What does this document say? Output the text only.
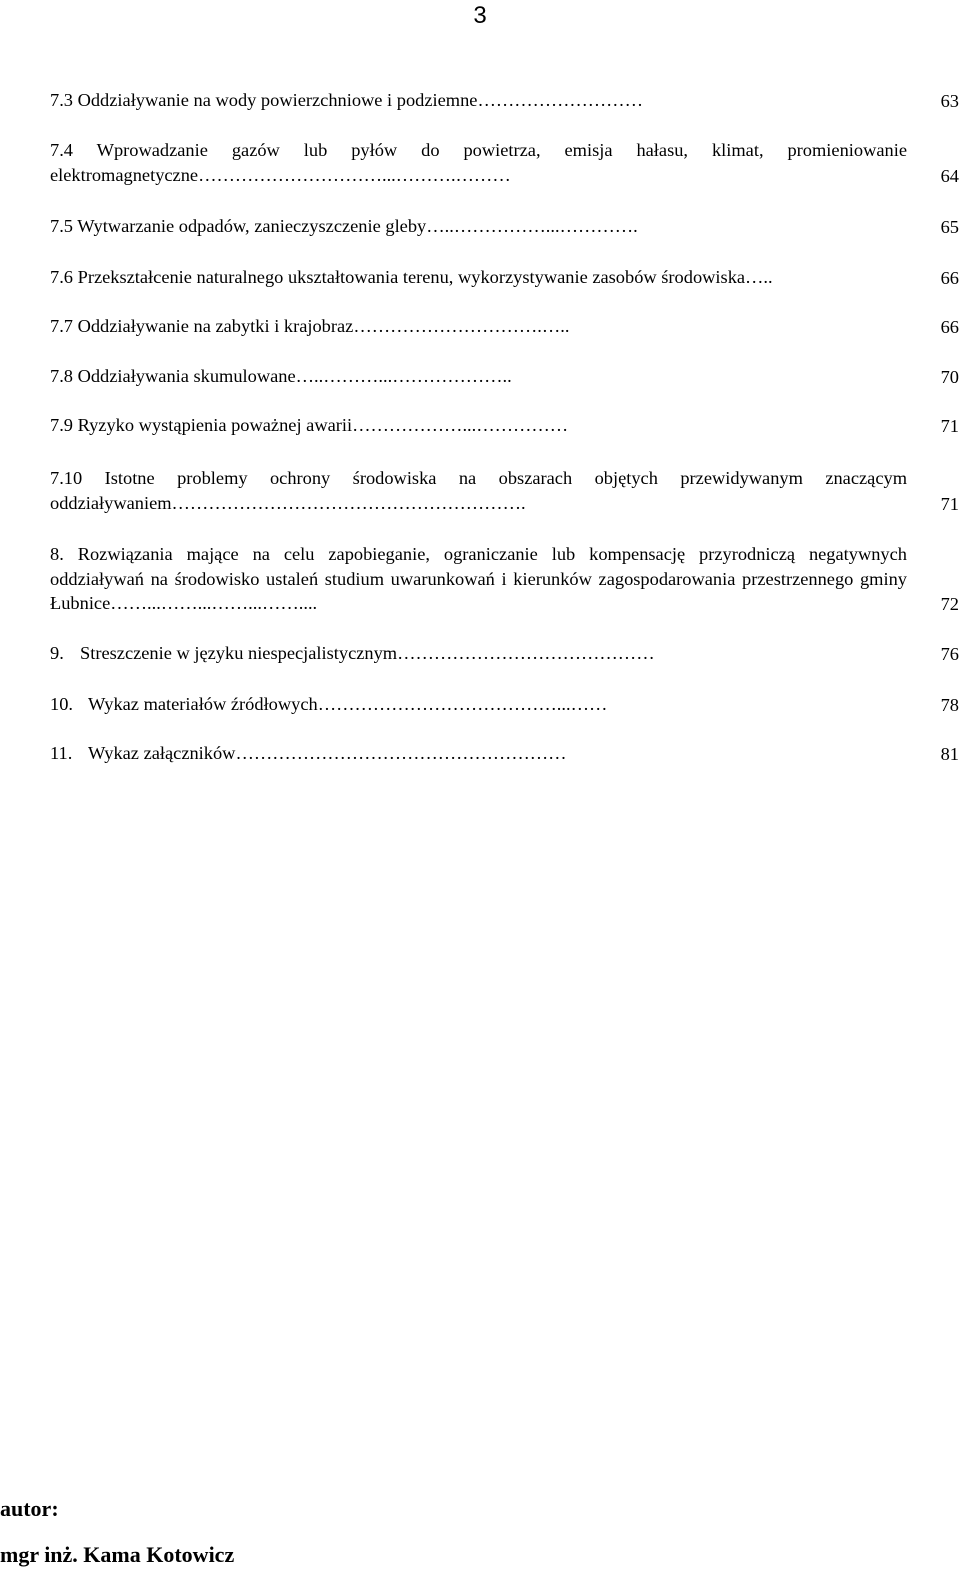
3
7.3 Oddziaływanie na wody powierzchniowe i podziemne………………………	63
7.4 Wprowadzanie gazów lub pyłów do powietrza, emisja hałasu, klimat, promieniowanie elektromagnetyczne…………………………...……….………	64
7.5 Wytwarzanie odpadów, zanieczyszczenie gleby…..……………...………….	65
7.6 Przekształcenie naturalnego ukształtowania terenu, wykorzystywanie zasobów środowiska…..	66
7.7 Oddziaływanie na zabytki i krajobraz………………………….…..	66
7.8 Oddziaływania skumulowane…..………...………………..	70
7.9 Ryzyko wystąpienia poważnej awarii………………...……………	71
7.10 Istotne problemy ochrony środowiska na obszarach objętych przewidywanym znaczącym oddziaływaniem………………………………………………….	71
8. Rozwiązania mające na celu zapobieganie, ograniczanie lub kompensację przyrodniczą negatywnych oddziaływań na środowisko ustaleń studium uwarunkowań i kierunków zagospodarowania przestrzennego gminy Łubnice……...……...……...……....	72
9. Streszczenie w języku niespecjalistycznym……………………………………	76
10. Wykaz materiałów źródłowych…………………………………...……	78
11. Wykaz załączników………………………………………………	81
autor:
mgr inż. Kama Kotowicz
